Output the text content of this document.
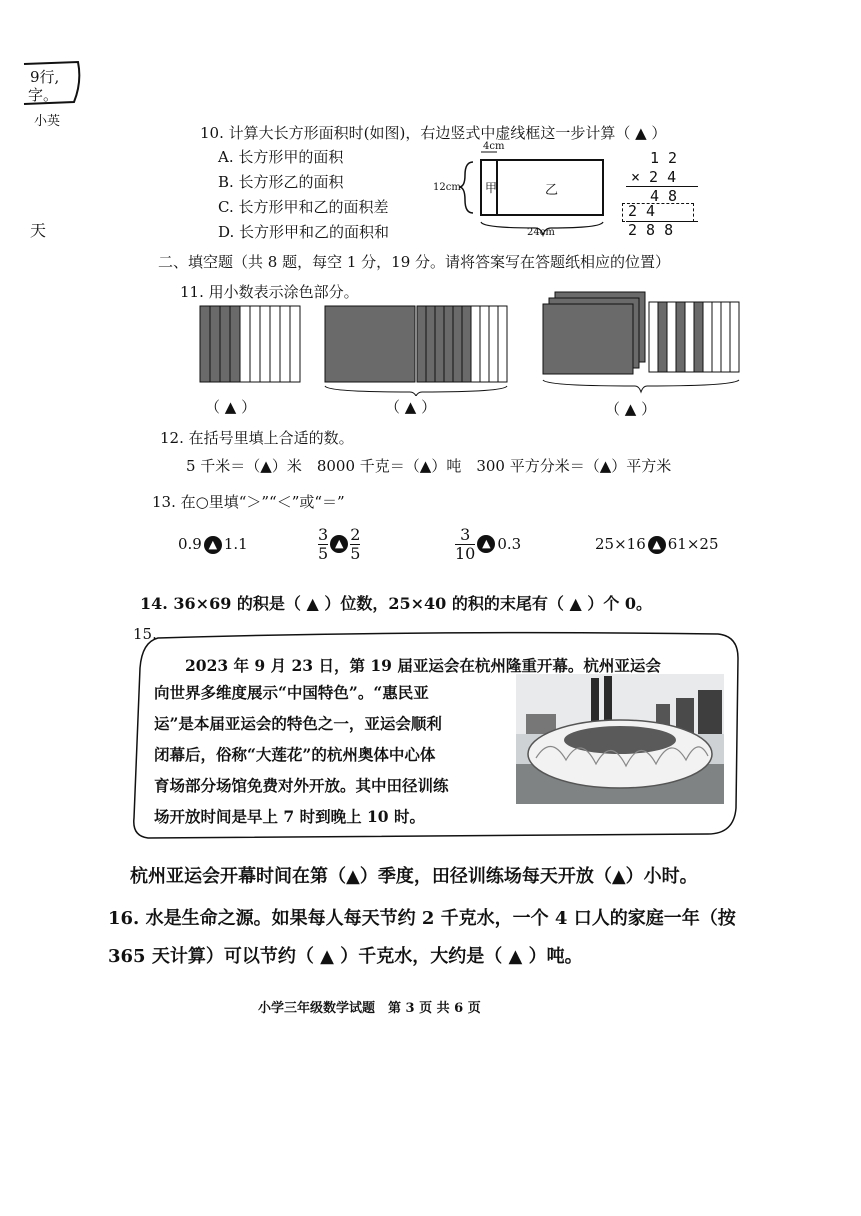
9行,
字。
小英
天
10. 计算大长方形面积时(如图)，右边竖式中虚线框这一步计算（ ▲ ）
A. 长方形甲的面积
B. 长方形乙的面积
C. 长方形甲和乙的面积差
D. 长方形甲和乙的面积和
4cm
12cm
24cm
甲	乙
1 2
× 2 4
4 8
2 4
2 8 8
二、填空题（共 8 题，每空 1 分，19 分。请将答案写在答题纸相应的位置）
11. 用小数表示涂色部分。
（ ▲ ）	（ ▲ ）	（ ▲ ）
12. 在括号里填上合适的数。
5 千米＝（▲）米　8000 千克＝（▲）吨　300 平方分米＝（▲）平方米
13. 在○里填“＞”“＜”或“＝”
0.9 ▲ 1.1	$\frac{3}{5}$ ▲ $\frac{2}{5}$	$\frac{3}{10}$ ▲ 0.3	25×16 ▲ 61×25
14. 36×69 的积是（ ▲ ）位数，25×40 的积的末尾有（ ▲ ）个 0。
15.
2023 年 9 月 23 日，第 19 届亚运会在杭州隆重开幕。杭州亚运会
向世界多维度展示“中国特色”。“惠民亚
运”是本届亚运会的特色之一，亚运会顺利
闭幕后，俗称“大莲花”的杭州奥体中心体
育场部分场馆免费对外开放。其中田径训练
场开放时间是早上 7 时到晚上 10 时。
杭州亚运会开幕时间在第（▲）季度，田径训练场每天开放（▲）小时。
16. 水是生命之源。如果每人每天节约 2 千克水，一个 4 口人的家庭一年（按
365 天计算）可以节约（ ▲ ）千克水，大约是（ ▲ ）吨。
小学三年级数学试题　第 3 页 共 6 页
